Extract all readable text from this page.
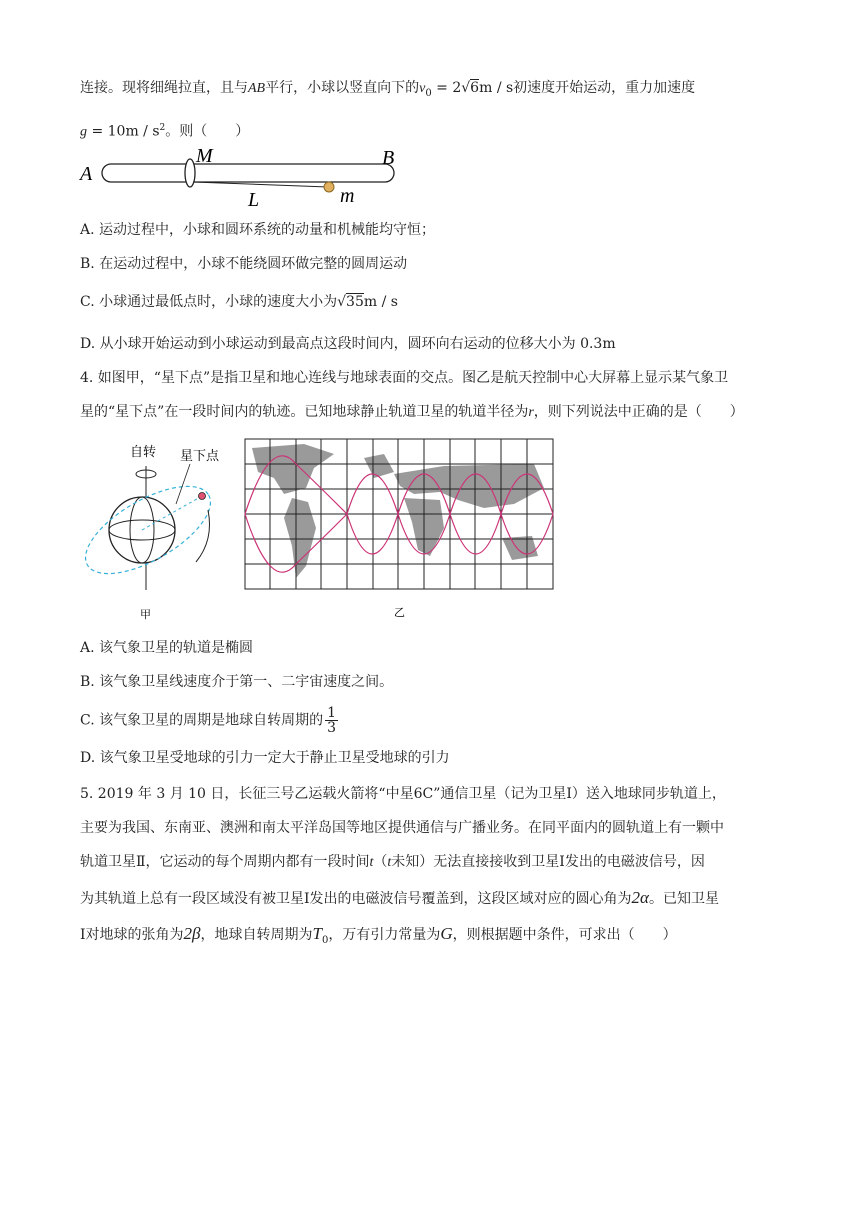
连接。现将细绳拉直，且与AB平行，小球以竖直向下的$v_0 = 2√6m / s$初速度开始运动，重力加速度
$g = 10m / s^2$。则（　　）
A
M	B
L	m
A. 运动过程中，小球和圆环系统的动量和机械能均守恒；
B. 在运动过程中，小球不能绕圆环做完整的圆周运动
C. 小球通过最低点时，小球的速度大小为√35m / s
D. 从小球开始运动到小球运动到最高点这段时间内，圆环向右运动的位移大小为 0.3m
4. 如图甲，“星下点”是指卫星和地心连线与地球表面的交点。图乙是航天控制中心大屏幕上显示某气象卫
星的“星下点”在一段时间内的轨迹。已知地球静止轨道卫星的轨道半径为r，则下列说法中正确的是（　　）
自转 星下点
甲	乙
A. 该气象卫星的轨道是椭圆
B. 该气象卫星线速度介于第一、二宇宙速度之间。
C. 该气象卫星的周期是地球自转周期的 $\frac{1}{3}$
D. 该气象卫星受地球的引力一定大于静止卫星受地球的引力
5. 2019 年 3 月 10 日，长征三号乙运载火箭将“中星6C”通信卫星（记为卫星Ⅰ）送入地球同步轨道上，
主要为我国、东南亚、澳洲和南太平洋岛国等地区提供通信与广播业务。在同平面内的圆轨道上有一颗中
轨道卫星Ⅱ，它运动的每个周期内都有一段时间t（t未知）无法直接接收到卫星Ⅰ发出的电磁波信号，因
为其轨道上总有一段区域没有被卫星Ⅰ发出的电磁波信号覆盖到，这段区域对应的圆心角为2α。已知卫星
Ⅰ对地球的张角为2β，地球自转周期为$T_0$，万有引力常量为G，则根据题中条件，可求出（　　）
